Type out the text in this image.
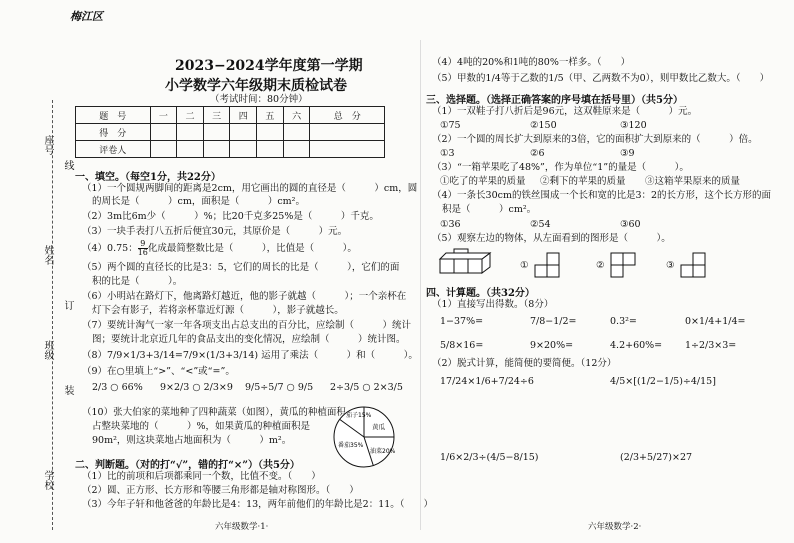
梅江区
座号
姓名
班级
学校
线
订
装
2023−2024学年度第一学期
小学数学六年级期末质检试卷
（考试时间：80分钟）
题　号	一	二	三	四	五	六	总　分
得　分							
评卷人							
一、填空。（每空1分，共22分）
（1）一个圆规两脚间的距离是2cm，用它画出的圆的直径是（　　　）cm，圆
的周长是（　　　）cm，面积是（　　　）cm²。
（2）3m比6m少（　　　）%；比20千克多25%是（　　　）千克。
（3）一块手表打八五折后便宜30元，其原价是（　　　）元。
（4）0.75： $\frac{9}{16}$ 化成最简整数比是（　　　），比值是（　　　）。
（5）两个圆的直径长的比是3：5，它们的周长的比是（　　　），它们的面
积的比是（　　　）。
（6）小明站在路灯下，他离路灯越近，他的影子就越（　　　）；一个亲杯在
灯下会有影子，若将亲杯靠近灯源（　　　），影子就越长。
（7）要统计淘气一家一年各项支出占总支出的百分比，应绘制（　　　）统计
图；要统计北京近几年的食品支出的变化情况，应绘制（　　　）统计图。
（8）7/9×1/3+3/14=7/9×(1/3+3/14) 运用了乘法（　　　）和（　　　）。
（9）在○里填上“>”、“<”或“=”。
2/3 ○ 66% 9×2/3 ○ 2/3×9 9/5÷5/7 ○ 9/5 2÷3/5 ○ 2×3/5
（10）张大伯家的菜地种了四种蔬菜（如图），黄瓜的种植面积
占整块菜地的（　　　）%，如果黄瓜的种植面积是
90m²，则这块菜地占地面积为（　　　）m²。
茄子15%
黄瓜
番茄35%
油菜20%
二、判断题。（对的打“√”，错的打“×”）（共5分）
（1）比的前项和后项都乘同一个数，比值不变。（　　）
（2）圆、正方形、长方形和等腰三角形都是轴对称图形。（　　）
（3）今年子轩和他爸爸的年龄比是4：13，两年前他们的年龄比是2：11。（　　）
六年级数学·1·
（4）4吨的20%和1吨的80%一样多。（　　）
（5）甲数的1/4等于乙数的1/5（甲、乙两数不为0），则甲数比乙数大。（　　）
三、选择题。（选择正确答案的序号填在括号里）（共5分）
（1）一双鞋子打八折后是96元，这双鞋原来是（　　　）元。
①75	②150	③120
（2）一个圆的周长扩大到原来的3倍，它的面积扩大到原来的（　　　）倍。
①3	②6	③9
（3）“一箱苹果吃了48%”，作为单位“1”的量是（　　　）。
①吃了的苹果的质量 ②剩下的苹果的质量 ③这箱苹果原来的质量
（4）一条长30cm的铁丝围成一个长和宽的比是3：2的长方形，这个长方形的面
积是（　　　）cm²。
①36	②54	③60
（5）观察左边的物体，从左面看到的图形是（　　　）。
①	②	③
四、计算题。（共32分）
（1）直接写出得数。（8分）
1−37%=	7/8−1/2=	0.3²=	0×1/4+1/4=
5/8×16=	9×20%=	4.2+60%= 1÷2/3×3=
（2）脱式计算，能简便的要简便。（12分）
17/24×1/6+7/24÷6	4/5×[(1/2−1/5)÷4/15]
1/6×2/3÷(4/5−8/15)	(2/3+5/27)×27
六年级数学·2·
